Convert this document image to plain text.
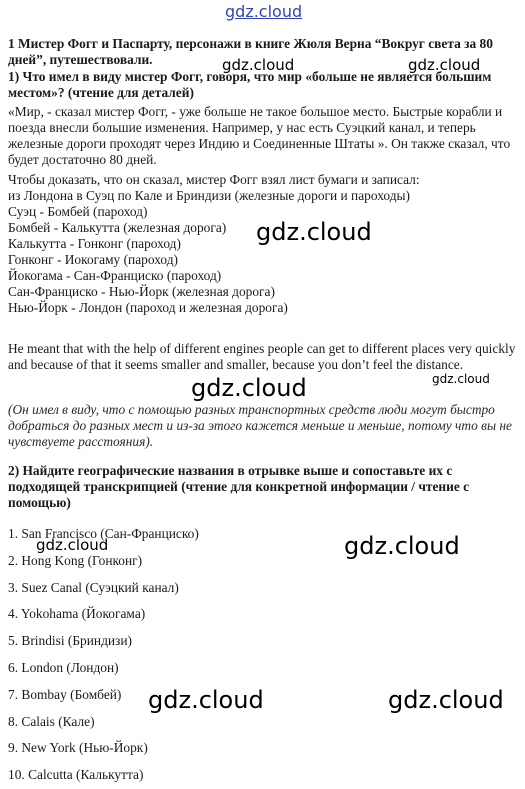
1 Мистер Фогг и Паспарту, персонажи в книге Жюля Верна “Вокруг света за 80 дней”, путешествовали.
1) Что имел в виду мистер Фогг, говоря, что мир «больше не является большим местом»? (чтение для деталей)
«Мир, - сказал мистер Фогг, - уже больше не такое большое место. Быстрые корабли и поезда внесли большие изменения. Например, у нас есть Суэцкий канал, и теперь железные дороги проходят через Индию и Соединенные Штаты ». Он также сказал, что будет достаточно 80 дней.
Чтобы доказать, что он сказал, мистер Фогг взял лист бумаги и записал:
из Лондона в Суэц по Кале и Бриндизи (железные дороги и пароходы)
Суэц - Бомбей (пароход)
Бомбей - Калькутта (железная дорога)
Калькутта - Гонконг (пароход)
Гонконг - Иокогаму (пароход)
Йокогама - Сан-Франциско (пароход)
Сан-Франциско - Нью-Йорк (железная дорога)
Нью-Йорк - Лондон (пароход и железная дорога)
He meant that with the help of different engines people can get to different places very quickly and because of that it seems smaller and smaller, because you don’t feel the distance.
(Он имел в виду, что с помощью разных транспортных средств люди могут быстро добраться до разных мест и из-за этого кажется меньше и меньше, потому что вы не чувствуете расстояния).
2) Найдите географические названия в отрывке выше и сопоставьте их с подходящей транскрипцией (чтение для конкретной информации / чтение с помощью)
1. San Francisco (Сан-Франциско)
2. Hong Kong (Гонконг)
3. Suez Canal (Суэцкий канал)
4. Yokohama (Йокогама)
5. Brindisi (Бриндизи)
6. London (Лондон)
7. Bombay (Бомбей)
8. Calais (Кале)
9. New York (Нью-Йорк)
10. Calcutta (Калькутта)
gdz.cloud
gdz.cloud	gdz.cloud
gdz.cloud
gdz.cloud	gdz.cloud
gdz.cloud	gdz.cloud
gdz.cloud	gdz.cloud
